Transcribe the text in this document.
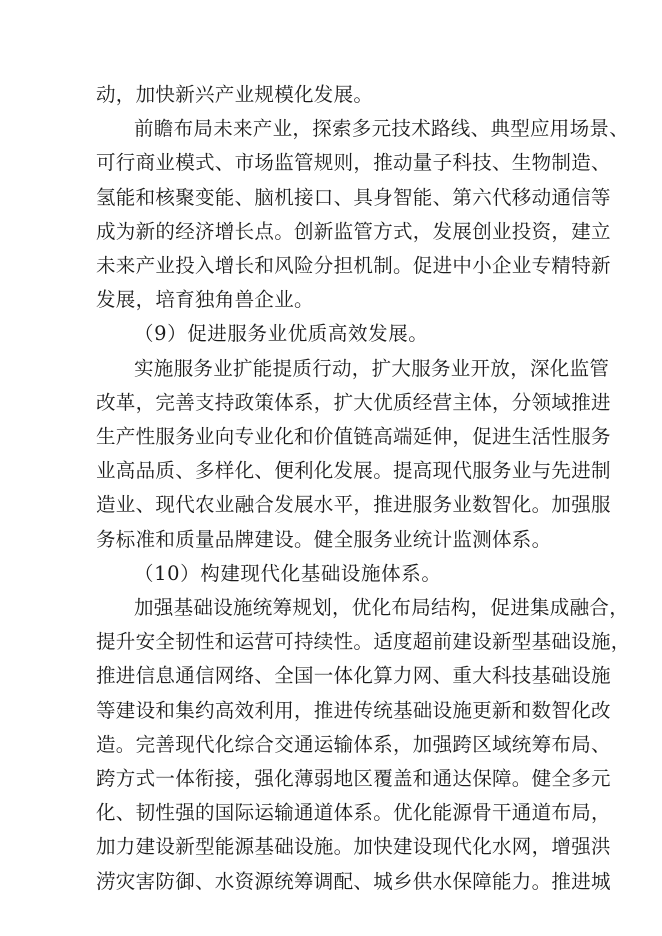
动，加快新兴产业规模化发展。
前瞻布局未来产业，探索多元技术路线、典型应用场景、
可行商业模式、市场监管规则，推动量子科技、生物制造、
氢能和核聚变能、脑机接口、具身智能、第六代移动通信等
成为新的经济增长点。创新监管方式，发展创业投资，建立
未来产业投入增长和风险分担机制。促进中小企业专精特新
发展，培育独角兽企业。
（9）促进服务业优质高效发展。
实施服务业扩能提质行动，扩大服务业开放，深化监管
改革，完善支持政策体系，扩大优质经营主体，分领域推进
生产性服务业向专业化和价值链高端延伸，促进生活性服务
业高品质、多样化、便利化发展。提高现代服务业与先进制
造业、现代农业融合发展水平，推进服务业数智化。加强服
务标准和质量品牌建设。健全服务业统计监测体系。
（10）构建现代化基础设施体系。
加强基础设施统筹规划，优化布局结构，促进集成融合，
提升安全韧性和运营可持续性。适度超前建设新型基础设施，
推进信息通信网络、全国一体化算力网、重大科技基础设施
等建设和集约高效利用，推进传统基础设施更新和数智化改
造。完善现代化综合交通运输体系，加强跨区域统筹布局、
跨方式一体衔接，强化薄弱地区覆盖和通达保障。健全多元
化、韧性强的国际运输通道体系。优化能源骨干通道布局，
加力建设新型能源基础设施。加快建设现代化水网，增强洪
涝灾害防御、水资源统筹调配、城乡供水保障能力。推进城
